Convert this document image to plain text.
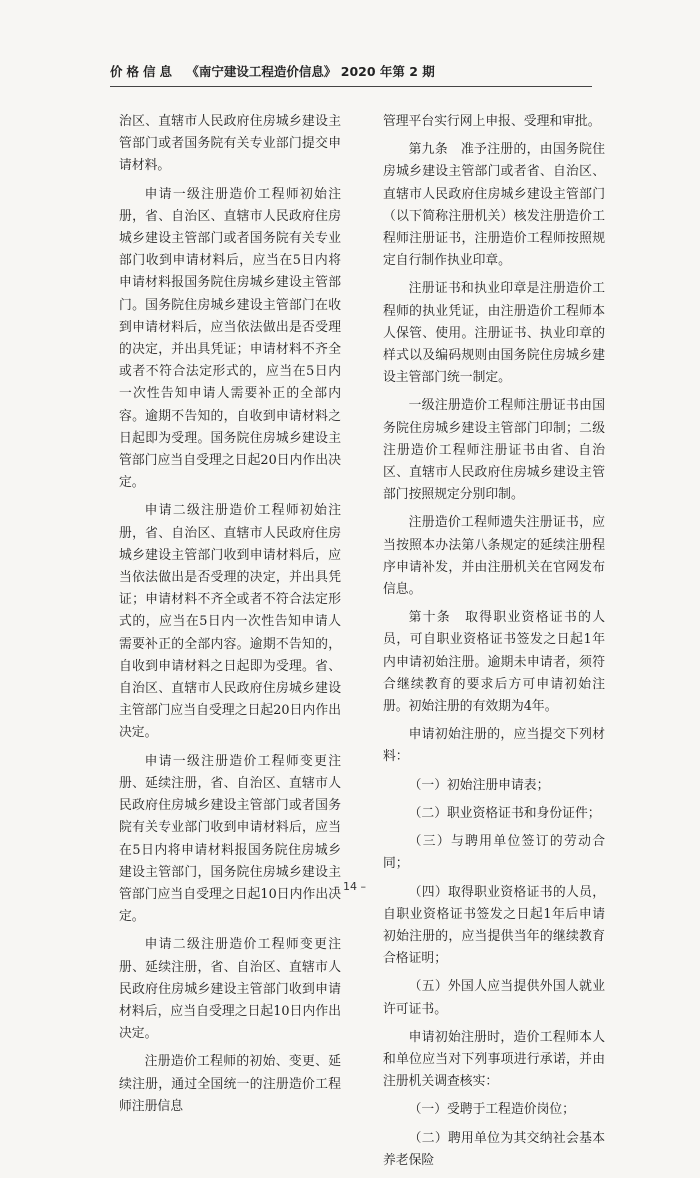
价格信息 《南宁建设工程造价信息》 2020 年第 2 期

治区、直辖市人民政府住房城乡建设主管部门或者国务院有关专业部门提交申请材料。

申请一级注册造价工程师初始注册，省、自治区、直辖市人民政府住房城乡建设主管部门或者国务院有关专业部门收到申请材料后，应当在5日内将申请材料报国务院住房城乡建设主管部门。国务院住房城乡建设主管部门在收到申请材料后，应当依法做出是否受理的决定，并出具凭证；申请材料不齐全或者不符合法定形式的，应当在5日内一次性告知申请人需要补正的全部内容。逾期不告知的，自收到申请材料之日起即为受理。国务院住房城乡建设主管部门应当自受理之日起20日内作出决定。

申请二级注册造价工程师初始注册，省、自治区、直辖市人民政府住房城乡建设主管部门收到申请材料后，应当依法做出是否受理的决定，并出具凭证；申请材料不齐全或者不符合法定形式的，应当在5日内一次性告知申请人需要补正的全部内容。逾期不告知的，自收到申请材料之日起即为受理。省、自治区、直辖市人民政府住房城乡建设主管部门应当自受理之日起20日内作出决定。

申请一级注册造价工程师变更注册、延续注册，省、自治区、直辖市人民政府住房城乡建设主管部门或者国务院有关专业部门收到申请材料后，应当在5日内将申请材料报国务院住房城乡建设主管部门，国务院住房城乡建设主管部门应当自受理之日起10日内作出决定。

申请二级注册造价工程师变更注册、延续注册，省、自治区、直辖市人民政府住房城乡建设主管部门收到申请材料后，应当自受理之日起10日内作出决定。

注册造价工程师的初始、变更、延续注册，通过全国统一的注册造价工程师注册信息

管理平台实行网上申报、受理和审批。

第九条　准予注册的，由国务院住房城乡建设主管部门或者省、自治区、直辖市人民政府住房城乡建设主管部门（以下简称注册机关）核发注册造价工程师注册证书，注册造价工程师按照规定自行制作执业印章。

注册证书和执业印章是注册造价工程师的执业凭证，由注册造价工程师本人保管、使用。注册证书、执业印章的样式以及编码规则由国务院住房城乡建设主管部门统一制定。

一级注册造价工程师注册证书由国务院住房城乡建设主管部门印制；二级注册造价工程师注册证书由省、自治区、直辖市人民政府住房城乡建设主管部门按照规定分别印制。

注册造价工程师遗失注册证书，应当按照本办法第八条规定的延续注册程序申请补发，并由注册机关在官网发布信息。

第十条　取得职业资格证书的人员，可自职业资格证书签发之日起1年内申请初始注册。逾期未申请者，须符合继续教育的要求后方可申请初始注册。初始注册的有效期为4年。

申请初始注册的，应当提交下列材料：

（一）初始注册申请表；

（二）职业资格证书和身份证件；

（三）与聘用单位签订的劳动合同；

（四）取得职业资格证书的人员，自职业资格证书签发之日起1年后申请初始注册的，应当提供当年的继续教育合格证明；

（五）外国人应当提供外国人就业许可证书。

申请初始注册时，造价工程师本人和单位应当对下列事项进行承诺，并由注册机关调查核实：

（一）受聘于工程造价岗位；

（二）聘用单位为其交纳社会基本养老保险

– 14 –
